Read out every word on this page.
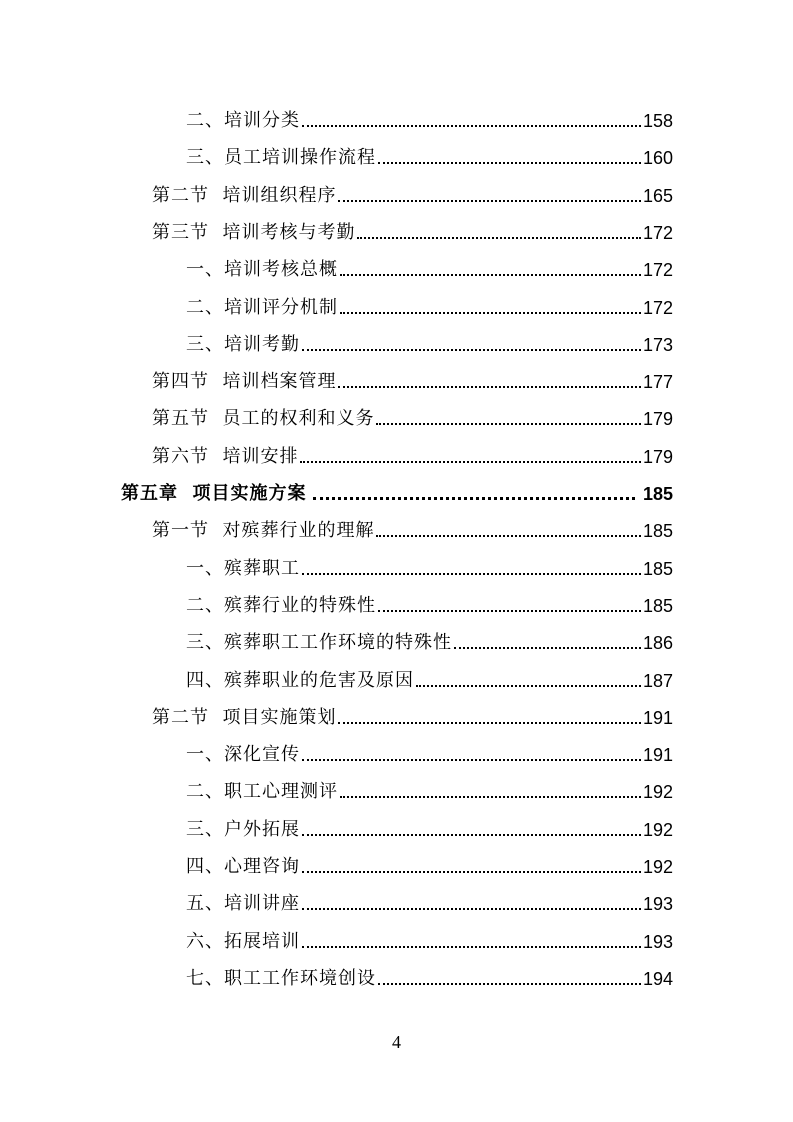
二、培训分类	158
三、员工培训操作流程	160
第二节  培训组织程序	165
第三节  培训考核与考勤	172
一、培训考核总概	172
二、培训评分机制	172
三、培训考勤	173
第四节  培训档案管理	177
第五节  员工的权利和义务	179
第六节  培训安排	179
第五章  项目实施方案	185
第一节  对殡葬行业的理解	185
一、殡葬职工	185
二、殡葬行业的特殊性	185
三、殡葬职工工作环境的特殊性	186
四、殡葬职业的危害及原因	187
第二节  项目实施策划	191
一、深化宣传	191
二、职工心理测评	192
三、户外拓展	192
四、心理咨询	192
五、培训讲座	193
六、拓展培训	193
七、职工工作环境创设	194
4
